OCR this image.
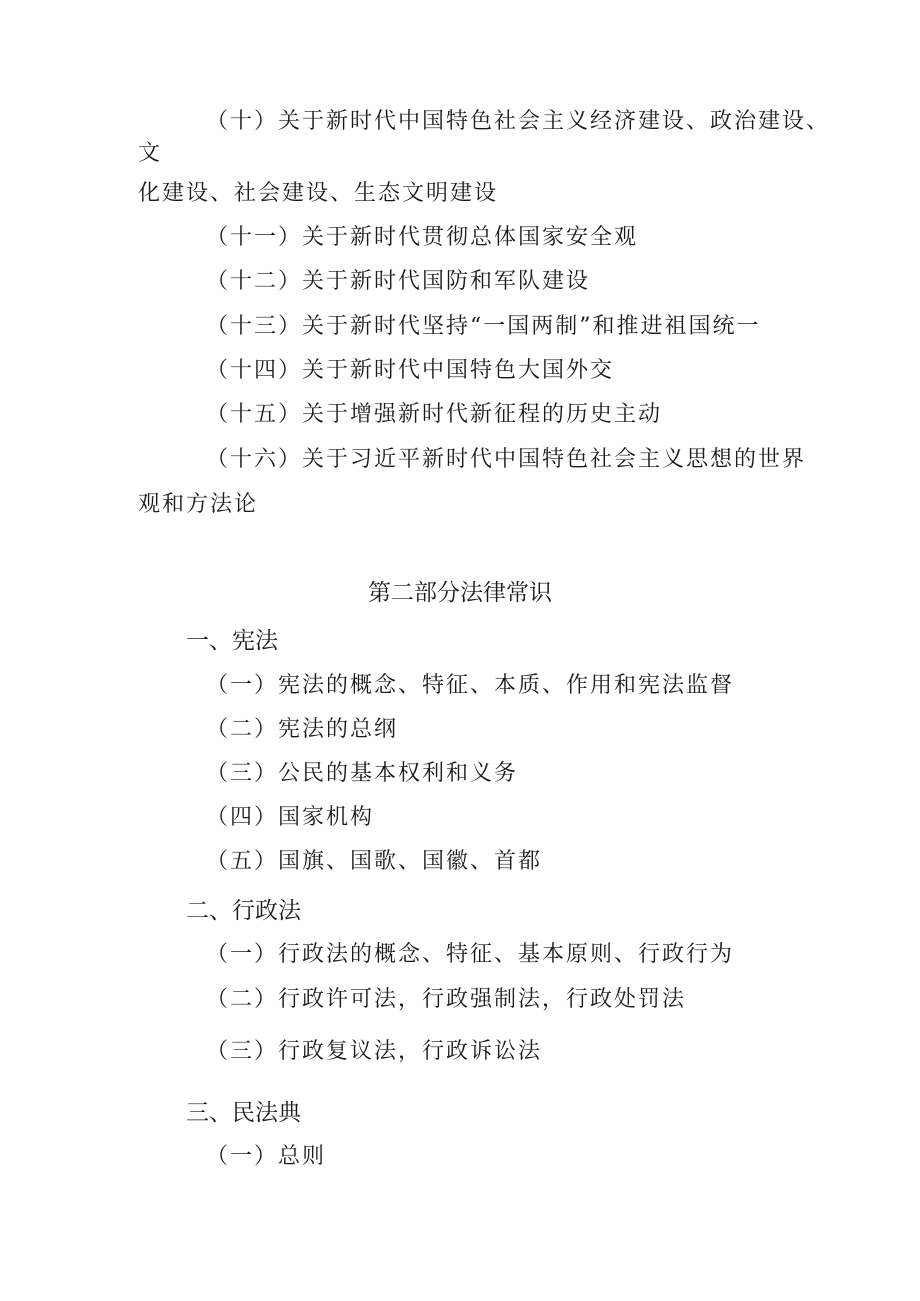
（十）关于新时代中国特色社会主义经济建设、政治建设、
文
化建设、社会建设、生态文明建设
（十一）关于新时代贯彻总体国家安全观
（十二）关于新时代国防和军队建设
（十三）关于新时代坚持“一国两制”和推进祖国统一
（十四）关于新时代中国特色大国外交
（十五）关于增强新时代新征程的历史主动
（十六）关于习近平新时代中国特色社会主义思想的世界
观和方法论
第二部分法律常识
一、宪法
（一）宪法的概念、特征、本质、作用和宪法监督
（二）宪法的总纲
（三）公民的基本权利和义务
（四）国家机构
（五）国旗、国歌、国徽、首都
二、行政法
（一）行政法的概念、特征、基本原则、行政行为
（二）行政许可法，行政强制法，行政处罚法
（三）行政复议法，行政诉讼法
三、民法典
（一）总则
